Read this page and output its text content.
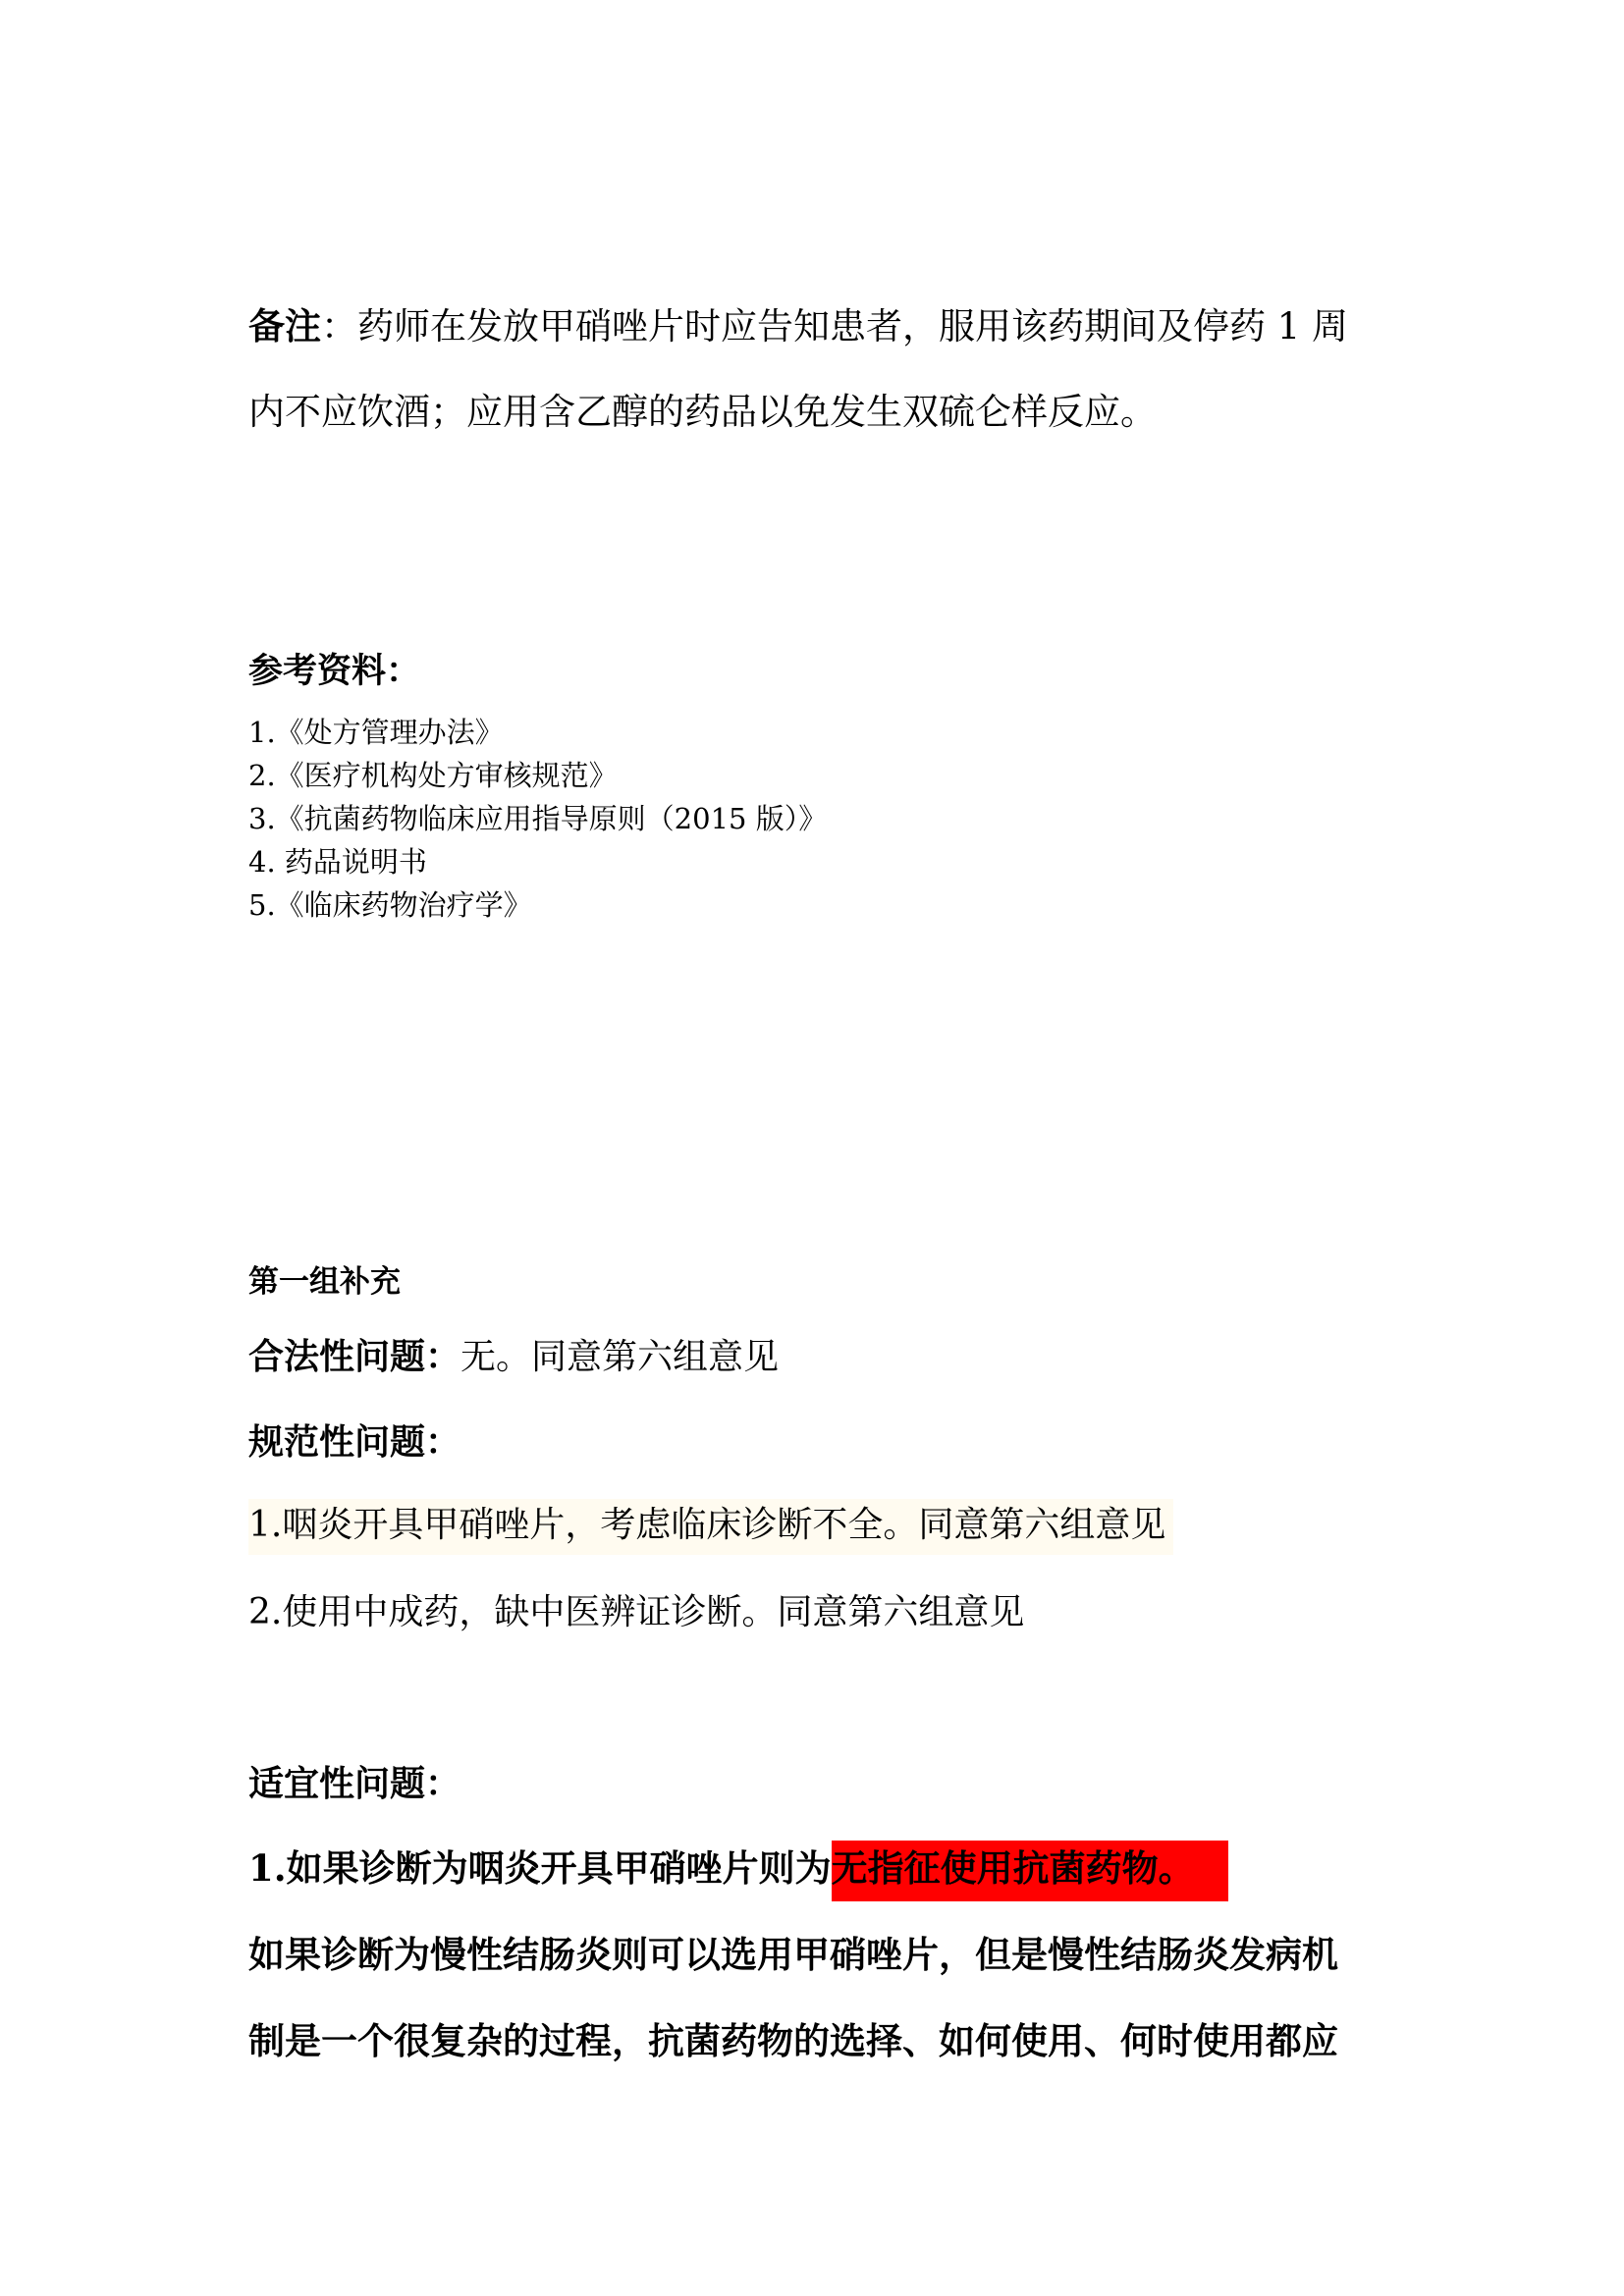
备注：药师在发放甲硝唑片时应告知患者，服用该药期间及停药 1 周
内不应饮酒；应用含乙醇的药品以免发生双硫仑样反应。
参考资料：
1.《处方管理办法》
2.《医疗机构处方审核规范》
3.《抗菌药物临床应用指导原则（2015 版）》
4. 药品说明书
5.《临床药物治疗学》
第一组补充
合法性问题：无。同意第六组意见
规范性问题：
1.咽炎开具甲硝唑片，考虑临床诊断不全。同意第六组意见
2.使用中成药，缺中医辨证诊断。同意第六组意见
适宜性问题：
1.如果诊断为咽炎开具甲硝唑片则为无指征使用抗菌药物。
如果诊断为慢性结肠炎则可以选用甲硝唑片，但是慢性结肠炎发病机
制是一个很复杂的过程，抗菌药物的选择、如何使用、何时使用都应
